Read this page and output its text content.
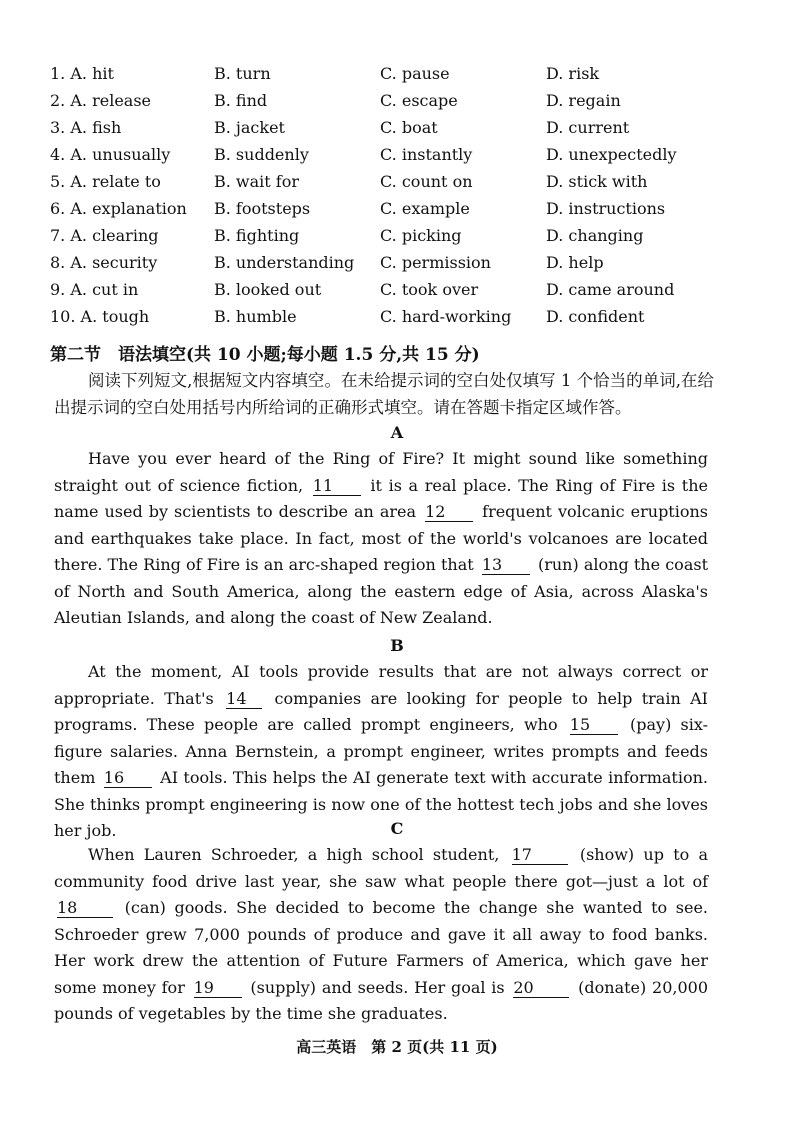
1. A. hit	B. turn	C. pause	D. risk
2. A. release	B. find	C. escape	D. regain
3. A. fish	B. jacket	C. boat	D. current
4. A. unusually	B. suddenly	C. instantly	D. unexpectedly
5. A. relate to	B. wait for	C. count on	D. stick with
6. A. explanation B. footsteps	C. example	D. instructions
7. A. clearing	B. fighting	C. picking	D. changing
8. A. security	B. understanding C. permission	D. help
9. A. cut in	B. looked out	C. took over	D. came around
10. A. tough	B. humble	C. hard-working D. confident
第二节　语法填空(共 10 小题;每小题 1.5 分,共 15 分)
阅读下列短文,根据短文内容填空。在未给提示词的空白处仅填写 1 个恰当的单词,在给出提示词的空白处用括号内所给词的正确形式填空。请在答题卡指定区域作答。
A
Have you ever heard of the Ring of Fire? It might sound like something straight out of science fiction, 11 it is a real place. The Ring of Fire is the name used by scientists to describe an area 12 frequent volcanic eruptions and earthquakes take place. In fact, most of the world's volcanoes are located there. The Ring of Fire is an arc-shaped region that 13 (run) along the coast of North and South America, along the eastern edge of Asia, across Alaska's Aleutian Islands, and along the coast of New Zealand.
B
At the moment, AI tools provide results that are not always correct or appropriate. That's 14 companies are looking for people to help train AI programs. These people are called prompt engineers, who 15 (pay) six-figure salaries. Anna Bernstein, a prompt engineer, writes prompts and feeds them 16 AI tools. This helps the AI generate text with accurate information. She thinks prompt engineering is now one of the hottest tech jobs and she loves her job.	C
When Lauren Schroeder, a high school student, 17	(show) up to a community food drive last year, she saw what people there got—just a lot of 18	(can) goods. She decided to become the change she wanted to see. Schroeder grew 7,000 pounds of produce and gave it all away to food banks. Her work drew the attention of Future Farmers of America, which gave her some money for 19 (supply) and seeds. Her goal is 20	(donate) 20,000 pounds of vegetables by the time she graduates.
高三英语　第 2 页(共 11 页)
